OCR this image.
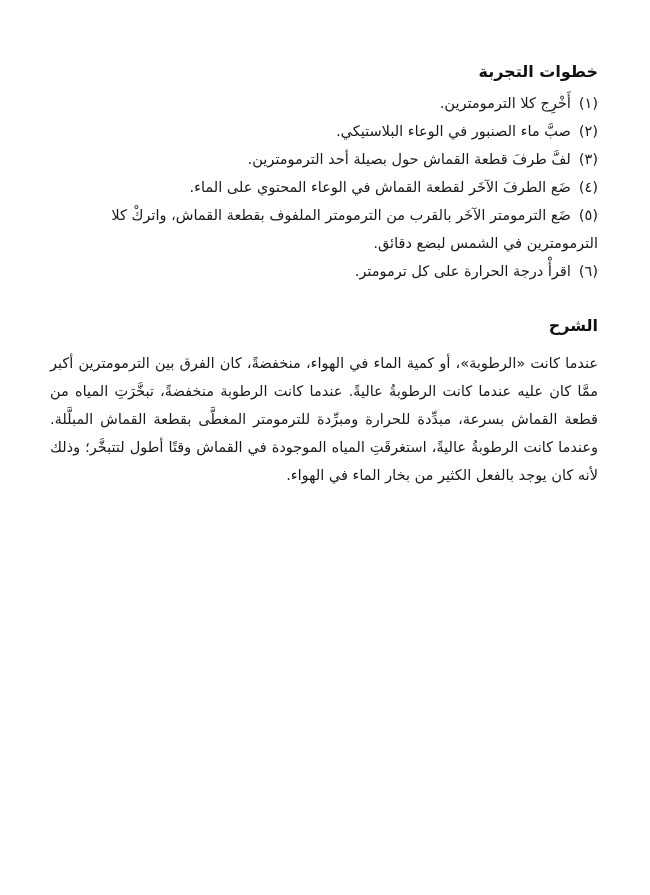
خطوات التجربة
(١)أَخْرِج كلا الترمومترين.
(٢)صبَّ ماء الصنبور في الوعاء البلاستيكي.
(٣)لفَّ طرفَ قطعة القماش حول بصيلة أحد الترمومترين.
(٤)ضَع الطرفَ الآخَر لقطعة القماش في الوعاء المحتوي على الماء.
(٥)ضَع الترمومتر الآخَر بالقرب من الترمومتر الملفوف بقطعة القماش، واتركْ كلا الترمومترين في الشمس لبضع دقائق.
(٦)اقرأْ درجة الحرارة على كل ترمومتر.
الشرح

عندما كانت «الرطوبة»، أو كمية الماء في الهواء، منخفضةً، كان الفرق بين الترمومترين أكبر ممَّا كان عليه عندما كانت الرطوبةُ عاليةً. عندما كانت الرطوبة منخفضةً، تبخَّرَتِ المياه من قطعة القماش بسرعة، مبدِّدة للحرارة ومبرِّدة للترمومتر المغطَّى بقطعة القماش المبلَّلة. وعندما كانت الرطوبةُ عاليةً، استغرقَتِ المياه الموجودة في القماش وقتًا أطول لتتبخَّر؛ وذلك لأنه كان يوجد بالفعل الكثير من بخار الماء في الهواء.
